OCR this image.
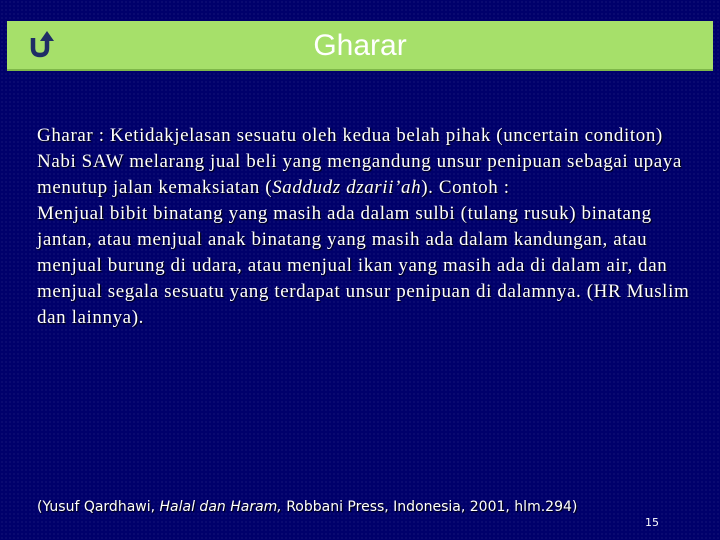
Gharar

Gharar : Ketidakjelasan sesuatu oleh kedua belah pihak (uncertain conditon)
Nabi SAW melarang jual beli yang mengandung unsur penipuan sebagai upaya menutup jalan kemaksiatan (Saddudz dzarii’ah). Contoh :
Menjual bibit binatang yang masih ada dalam sulbi (tulang rusuk) binatang jantan, atau menjual anak binatang yang masih ada dalam kandungan, atau menjual burung di udara, atau menjual ikan yang masih ada di dalam air, dan menjual segala sesuatu yang terdapat unsur penipuan di dalamnya. (HR Muslim dan lainnya).

(Yusuf Qardhawi, Halal dan Haram, Robbani Press, Indonesia, 2001, hlm.294)
15
